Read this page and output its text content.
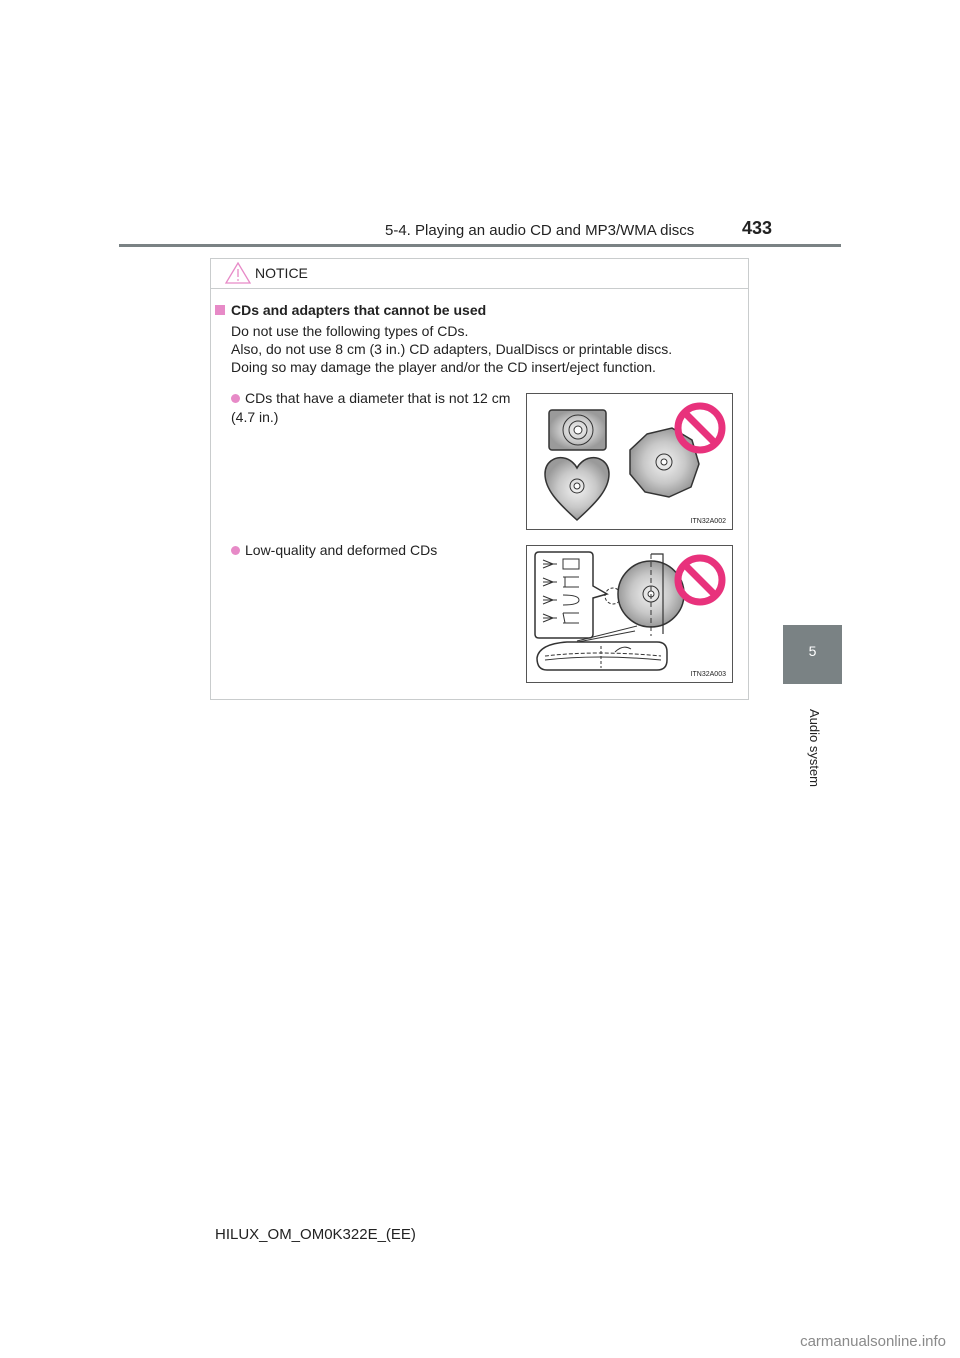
5-4. Playing an audio CD and MP3/WMA discs	433
5
Audio system
NOTICE
CDs and adapters that cannot be used
Do not use the following types of CDs.
Also, do not use 8 cm (3 in.) CD adapters, DualDiscs or printable discs.
Doing so may damage the player and/or the CD insert/eject function.
CDs that have a diameter that is not 12 cm (4.7 in.)
ITN32A002
Low-quality and deformed CDs
ITN32A003
HILUX_OM_OM0K322E_(EE)
carmanualsonline.info
